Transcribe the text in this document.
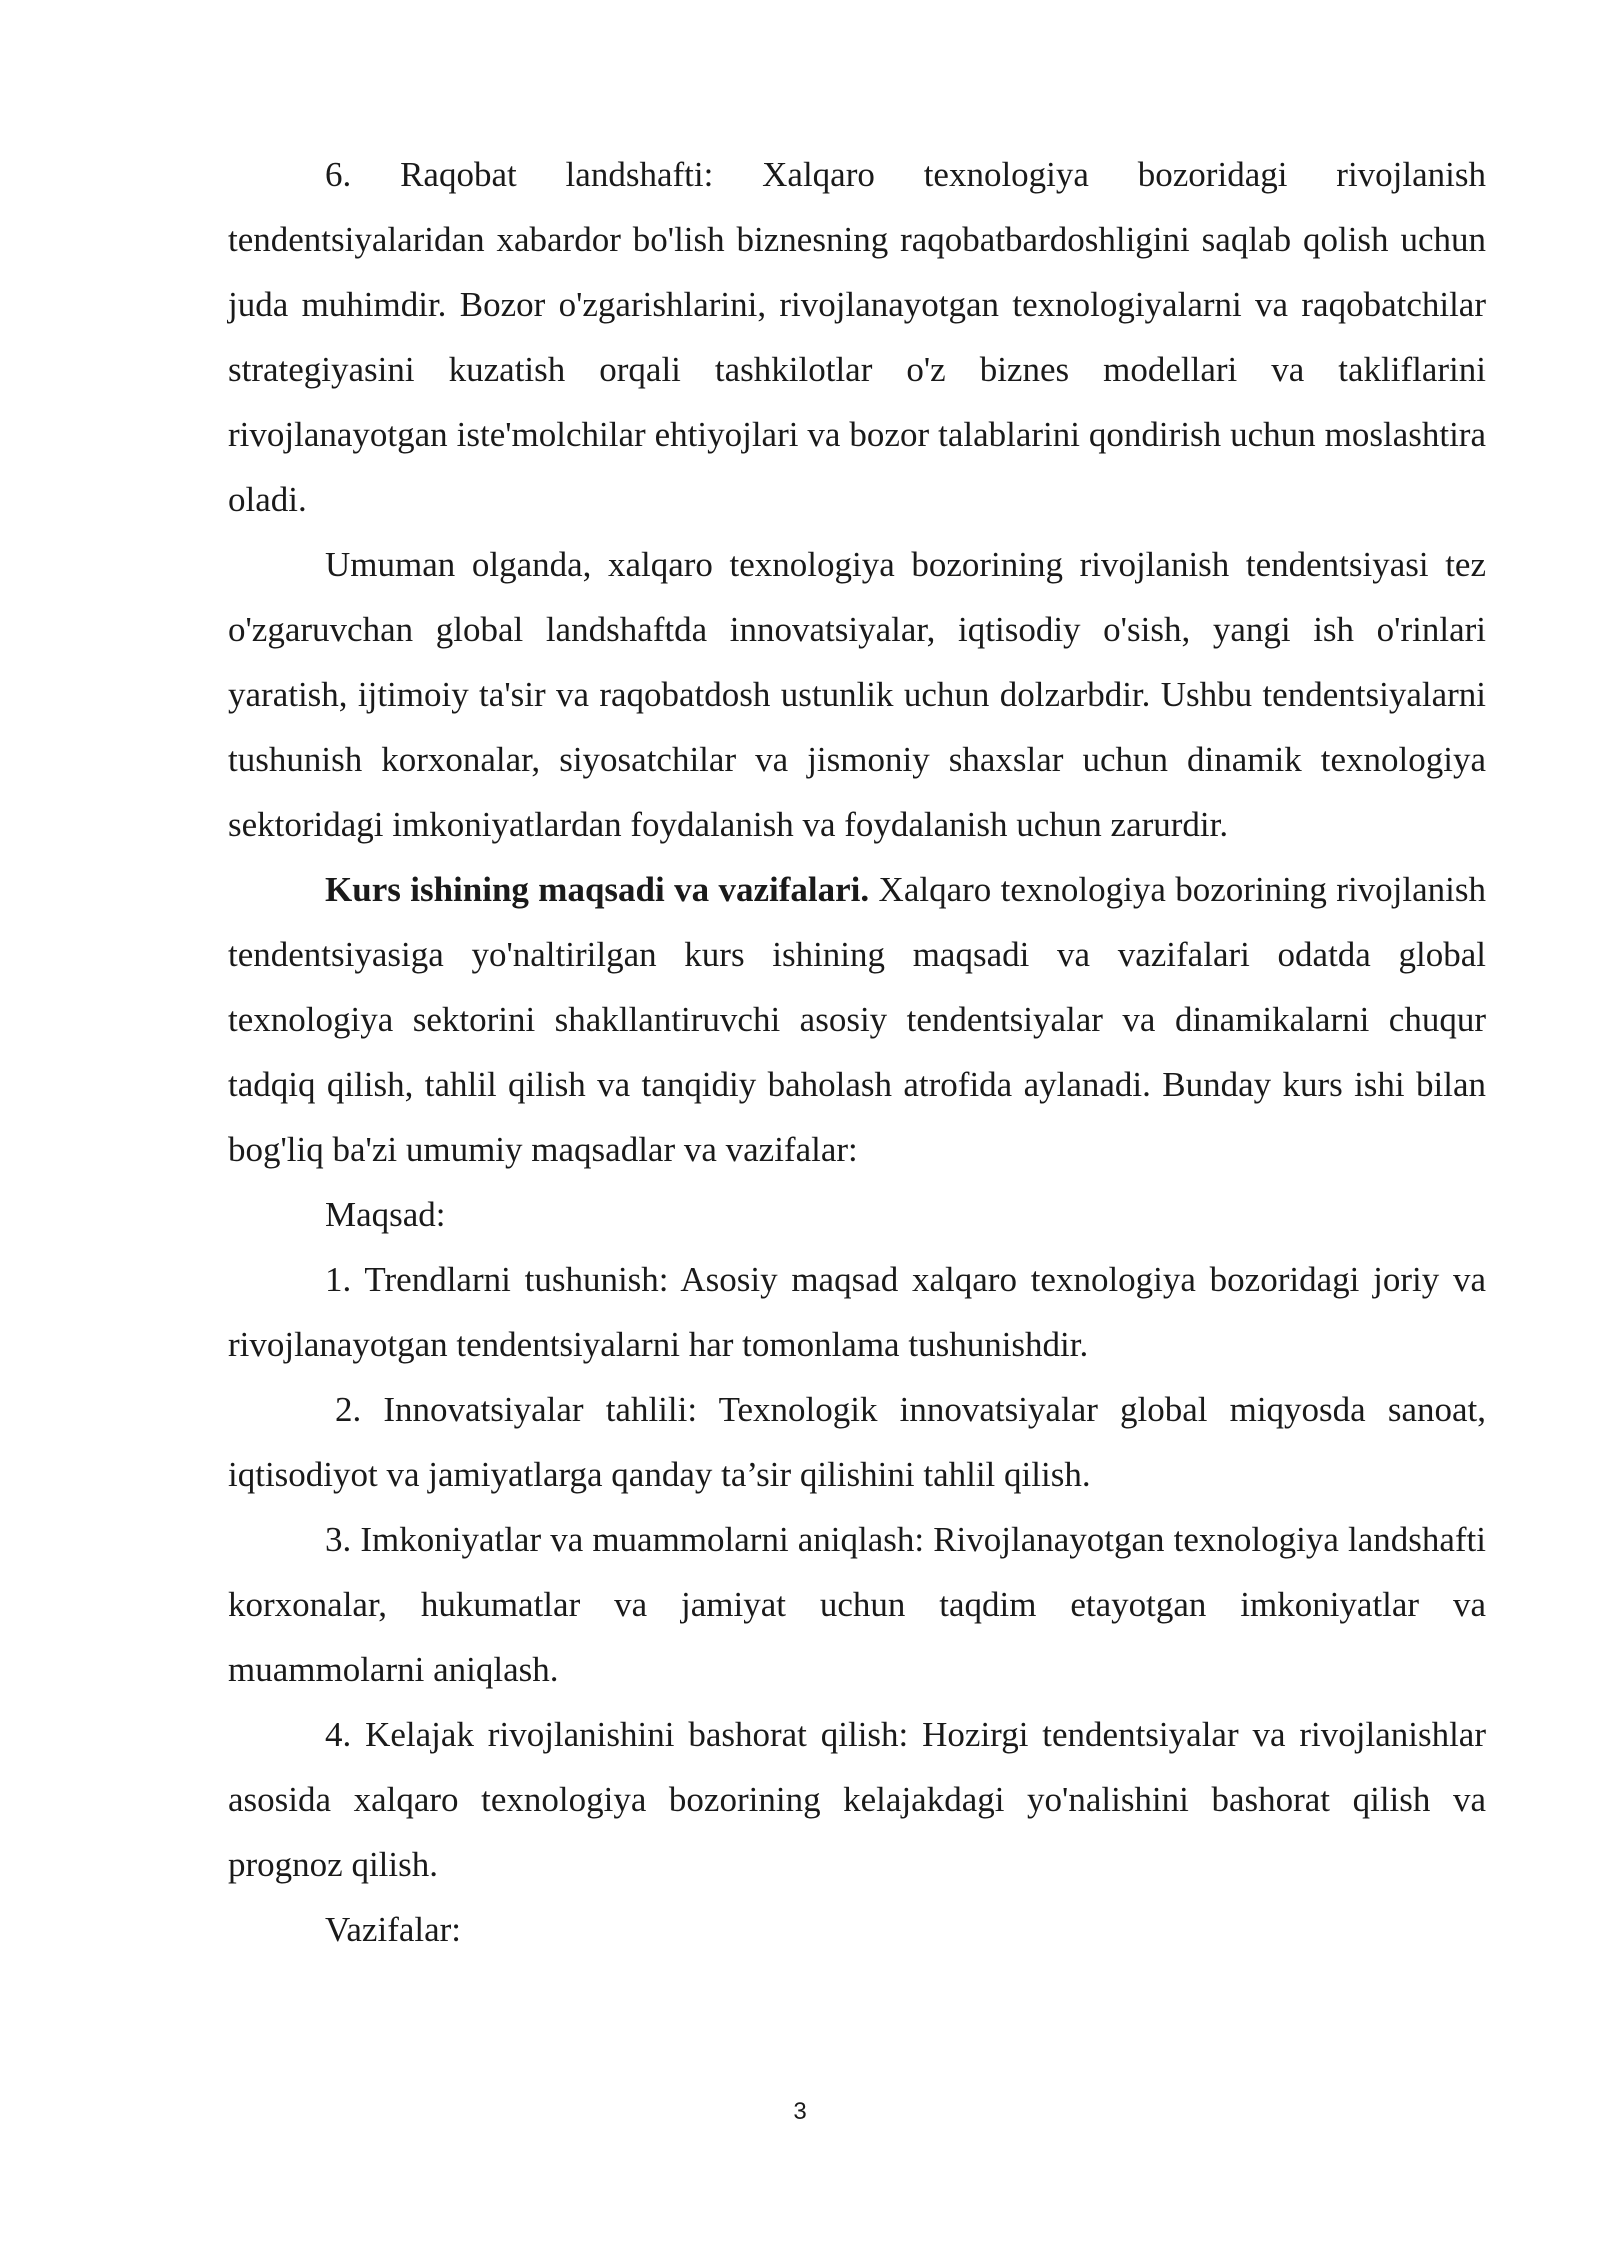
6. Raqobat landshafti: Xalqaro texnologiya bozoridagi rivojlanish tendentsiyalaridan xabardor bo'lish biznesning raqobatbardoshligini saqlab qolish uchun juda muhimdir. Bozor o'zgarishlarini, rivojlanayotgan texnologiyalarni va raqobatchilar strategiyasini kuzatish orqali tashkilotlar o'z biznes modellari va takliflarini rivojlanayotgan iste'molchilar ehtiyojlari va bozor talablarini qondirish uchun moslashtira oladi.

Umuman olganda, xalqaro texnologiya bozorining rivojlanish tendentsiyasi tez o'zgaruvchan global landshaftda innovatsiyalar, iqtisodiy o'sish, yangi ish o'rinlari yaratish, ijtimoiy ta'sir va raqobatdosh ustunlik uchun dolzarbdir. Ushbu tendentsiyalarni tushunish korxonalar, siyosatchilar va jismoniy shaxslar uchun dinamik texnologiya sektoridagi imkoniyatlardan foydalanish va foydalanish uchun zarurdir.

Kurs ishining maqsadi va vazifalari. Xalqaro texnologiya bozorining rivojlanish tendentsiyasiga yo'naltirilgan kurs ishining maqsadi va vazifalari odatda global texnologiya sektorini shakllantiruvchi asosiy tendentsiyalar va dinamikalarni chuqur tadqiq qilish, tahlil qilish va tanqidiy baholash atrofida aylanadi. Bunday kurs ishi bilan bog'liq ba'zi umumiy maqsadlar va vazifalar:

Maqsad:

1. Trendlarni tushunish: Asosiy maqsad xalqaro texnologiya bozoridagi joriy va rivojlanayotgan tendentsiyalarni har tomonlama tushunishdir.

2. Innovatsiyalar tahlili: Texnologik innovatsiyalar global miqyosda sanoat, iqtisodiyot va jamiyatlarga qanday ta’sir qilishini tahlil qilish.

3. Imkoniyatlar va muammolarni aniqlash: Rivojlanayotgan texnologiya landshafti korxonalar, hukumatlar va jamiyat uchun taqdim etayotgan imkoniyatlar va muammolarni aniqlash.

4. Kelajak rivojlanishini bashorat qilish: Hozirgi tendentsiyalar va rivojlanishlar asosida xalqaro texnologiya bozorining kelajakdagi yo'nalishini bashorat qilish va prognoz qilish.

Vazifalar:

3
